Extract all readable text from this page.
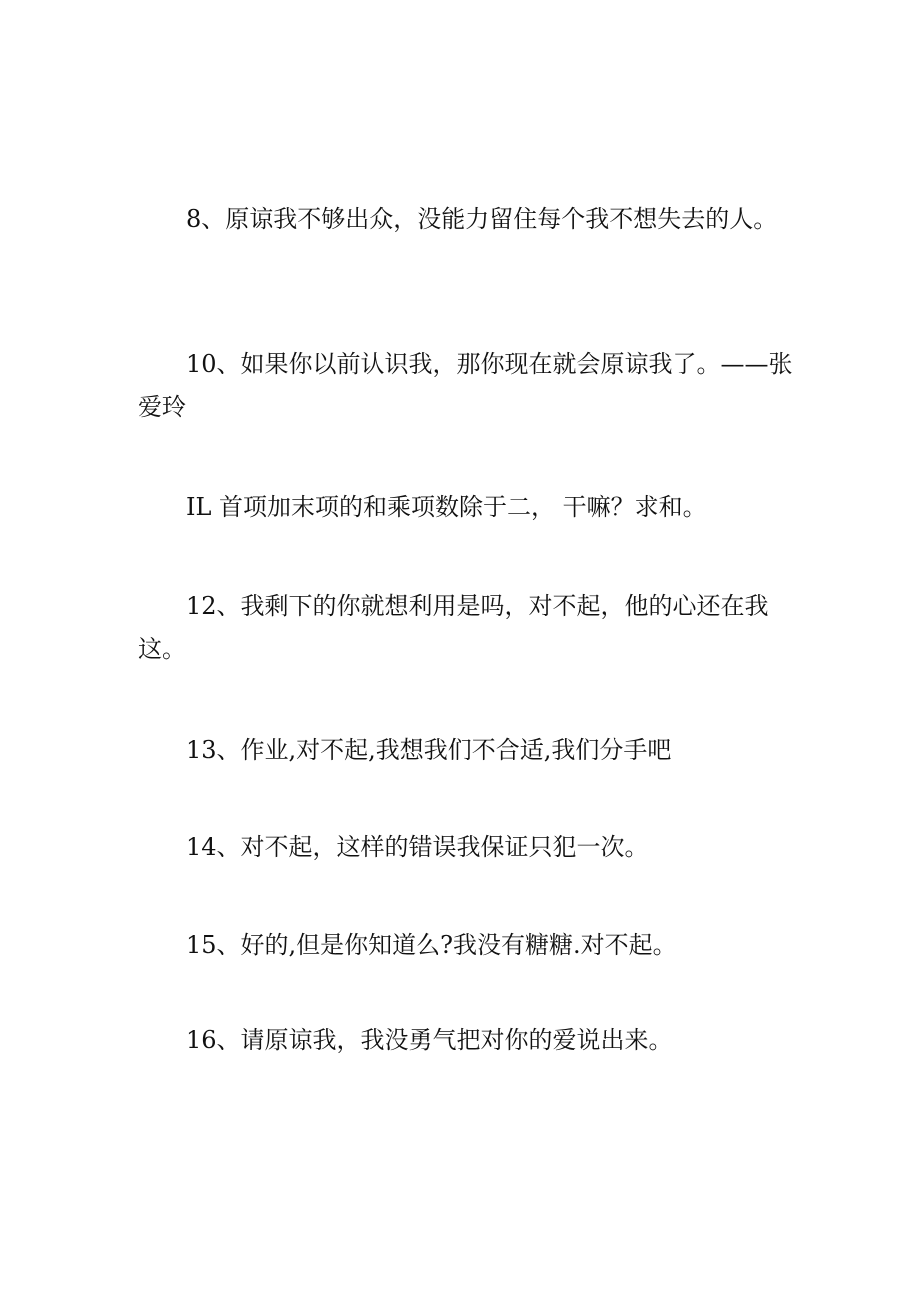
8、原谅我不够出众，没能力留住每个我不想失去的人。

10、如果你以前认识我，那你现在就会原谅我了。——张爱玲

IL 首项加末项的和乘项数除于二， 干嘛？求和。

12、我剩下的你就想利用是吗，对不起，他的心还在我这。

13、作业,对不起,我想我们不合适,我们分手吧

14、对不起，这样的错误我保证只犯一次。

15、好的,但是你知道么?我没有糖糖.对不起。

16、请原谅我，我没勇气把对你的爱说出来。
